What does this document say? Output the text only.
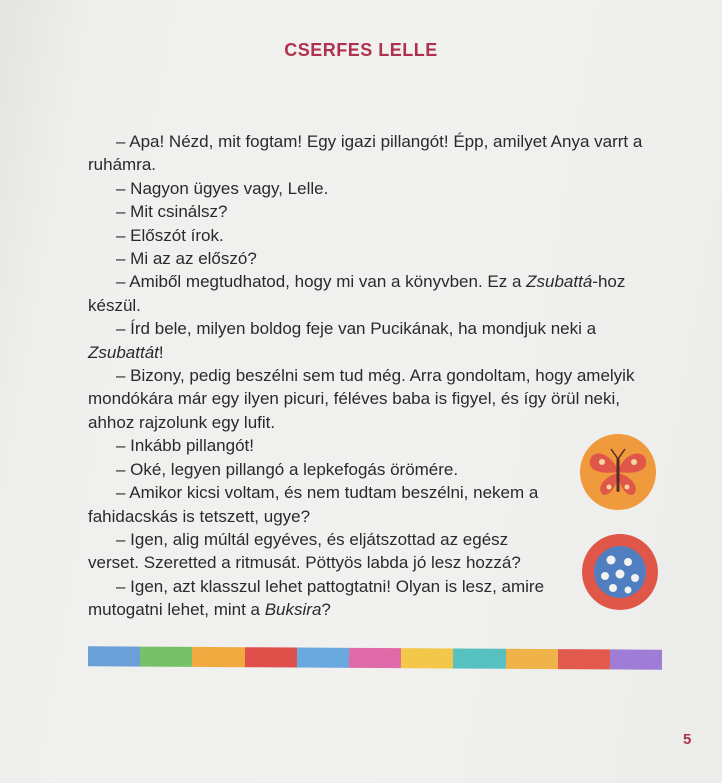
CSERFES LELLE

– Apa! Nézd, mit fogtam! Egy igazi pillangót! Épp, amilyet Anya varrt a ruhámra.

– Nagyon ügyes vagy, Lelle.

– Mit csinálsz?

– Előszót írok.

– Mi az az előszó?

– Amiből megtudhatod, hogy mi van a könyvben. Ez a Zsubattá-hoz készül.

– Írd bele, milyen boldog feje van Pucikának, ha mondjuk neki a Zsubattát!

– Bizony, pedig beszélni sem tud még. Arra gondoltam, hogy amelyik mondókára már egy ilyen picuri, féléves baba is figyel, és így örül neki, ahhoz rajzolunk egy lufit.

– Inkább pillangót!

– Oké, legyen pillangó a lepkefogás örömére.

– Amikor kicsi voltam, és nem tudtam beszélni, nekem a fahidacskás is tetszett, ugye?

– Igen, alig múltál egyéves, és eljátszottad az egész verset. Szeretted a ritmusát. Pöttyös labda jó lesz hozzá?

– Igen, azt klasszul lehet pattogtatni! Olyan is lesz, amire mutogatni lehet, mint a Buksira?

5
